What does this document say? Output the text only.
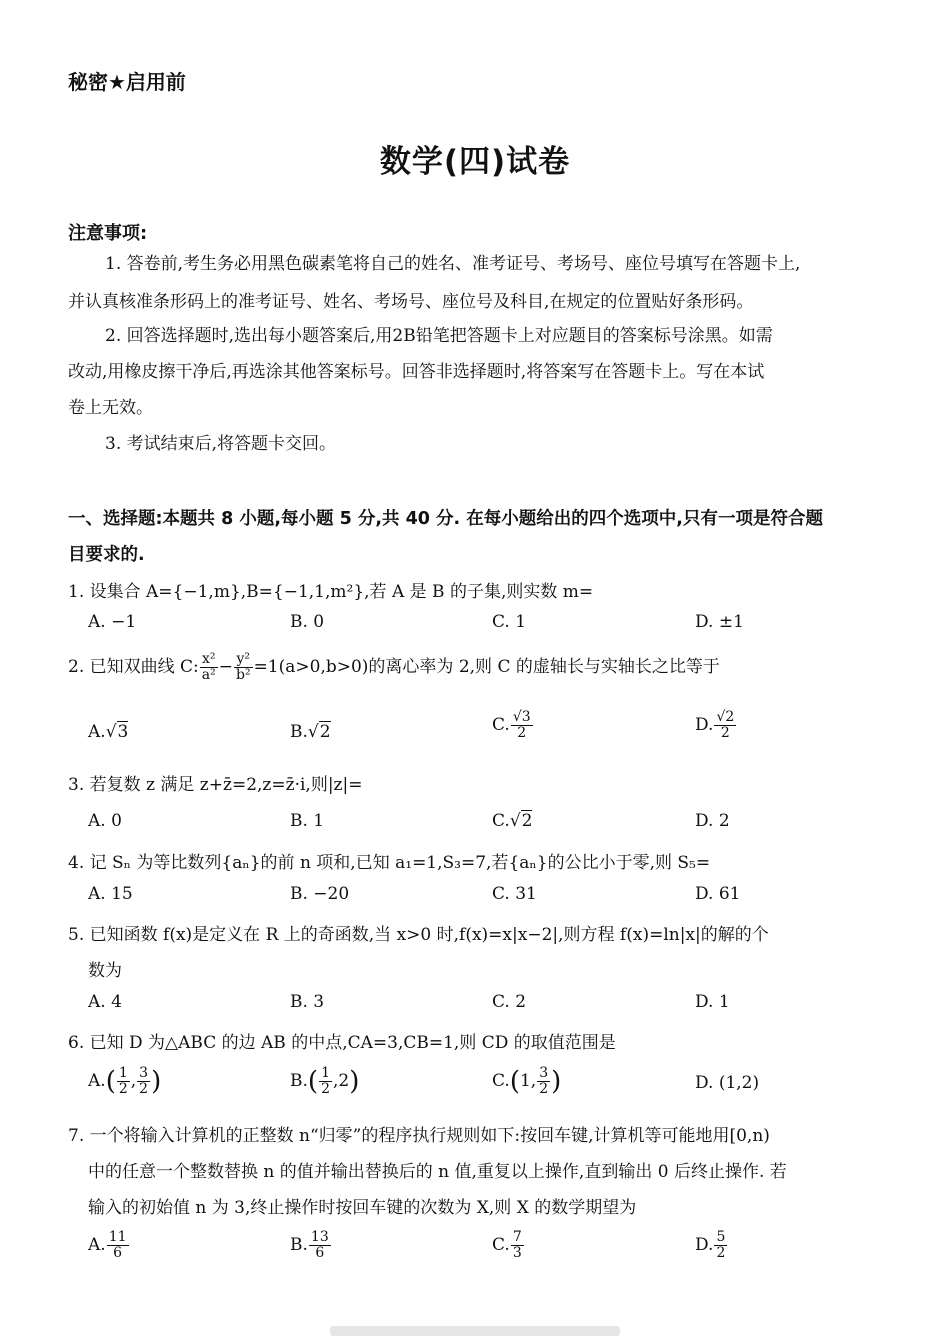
秘密★启用前
数学(四)试卷
注意事项:
1. 答卷前,考生务必用黑色碳素笔将自己的姓名、准考证号、考场号、座位号填写在答题卡上,
并认真核准条形码上的准考证号、姓名、考场号、座位号及科目,在规定的位置贴好条形码。
2. 回答选择题时,选出每小题答案后,用2B铅笔把答题卡上对应题目的答案标号涂黑。如需
改动,用橡皮擦干净后,再选涂其他答案标号。回答非选择题时,将答案写在答题卡上。写在本试
卷上无效。
3. 考试结束后,将答题卡交回。
一、选择题:本题共 8 小题,每小题 5 分,共 40 分. 在每小题给出的四个选项中,只有一项是符合题
目要求的.
1. 设集合 A={−1,m},B={−1,1,m²},若 A 是 B 的子集,则实数 m=
A. −1	B. 0	C. 1	D. ±1
2. 已知双曲线 C: $\frac{\text{x²}}{\text{a²}} - \frac{\text{y²}}{\text{b²}} =1(a>0,b>0)$的离心率为 2,则 C 的虚轴长与实轴长之比等于
A.√3	B.√2	C. $\frac{√3}{2}$	D. $\frac{√2}{2}$
3. 若复数 z 满足 z+z̄=2,z=z̄·i,则|z|=
A. 0	B. 1	C.√2	D. 2
4. 记 Sₙ 为等比数列{aₙ}的前 n 项和,已知 a₁=1,S₃=7,若{aₙ}的公比小于零,则 S₅=
A. 15	B. −20	C. 31	D. 61
5. 已知函数 f(x)是定义在 R 上的奇函数,当 x>0 时,f(x)=x|x−2|,则方程 f(x)=ln|x|的解的个
数为
A. 4	B. 3	C. 2	D. 1
6. 已知 D 为△ABC 的边 AB 的中点,CA=3,CB=1,则 CD 的取值范围是
$A.( \frac{1}{2}$ , $\frac{3}{2}$ )	$B.( \frac{1}{2} ,2)$	C.(1, $\frac{3}{2}$ )	D. (1,2)
7. 一个将输入计算机的正整数 n“归零”的程序执行规则如下:按回车键,计算机等可能地用[0,n)
中的任意一个整数替换 n 的值并输出替换后的 n 值,重复以上操作,直到输出 0 后终止操作. 若
输入的初始值 n 为 3,终止操作时按回车键的次数为 X,则 X 的数学期望为
A. $\frac{11}{6}$	B. $\frac{13}{6}$	C. $\frac{7}{3}$	D. $\frac{5}{2}$
